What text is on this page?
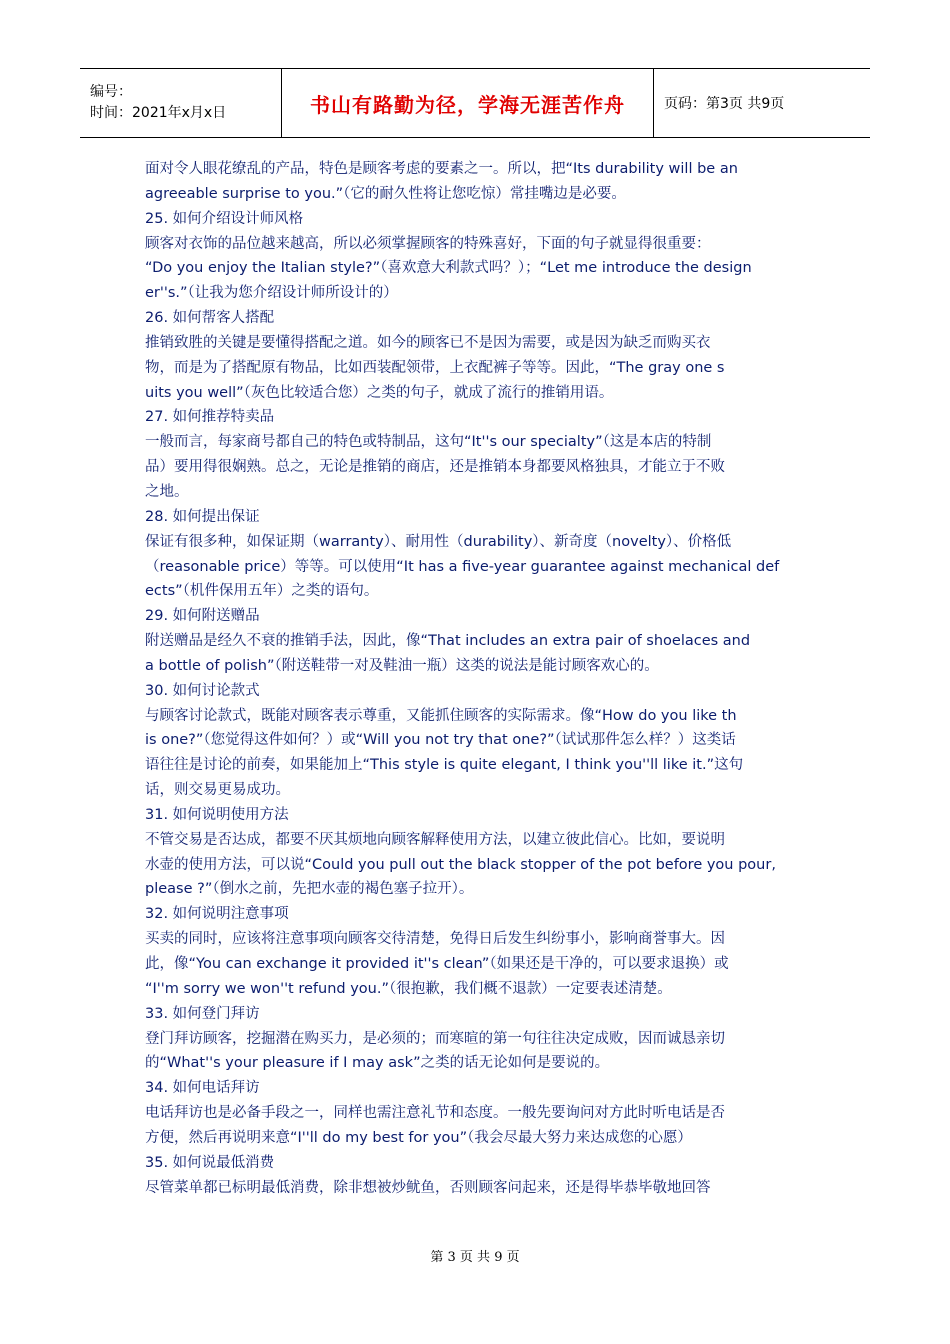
编号：
时间：2021年x月x日	书山有路勤为径，学海无涯苦作舟	页码：第3页 共9页
面对令人眼花缭乱的产品，特色是顾客考虑的要素之一。所以，把“Its durability will be an
agreeable surprise to you.”（它的耐久性将让您吃惊）常挂嘴边是必要。
25. 如何介绍设计师风格
顾客对衣饰的品位越来越高，所以必须掌握顾客的特殊喜好，下面的句子就显得很重要：
“Do you enjoy the Italian style?”（喜欢意大利款式吗？）；“Let me introduce the design
er''s.”（让我为您介绍设计师所设计的）
26. 如何帮客人搭配
推销致胜的关键是要懂得搭配之道。如今的顾客已不是因为需要，或是因为缺乏而购买衣
物，而是为了搭配原有物品，比如西装配领带，上衣配裤子等等。因此，“The gray one s
uits you well”（灰色比较适合您）之类的句子，就成了流行的推销用语。
27. 如何推荐特卖品
一般而言，每家商号都自己的特色或特制品，这句“It''s our specialty”（这是本店的特制
品）要用得很娴熟。总之，无论是推销的商店，还是推销本身都要风格独具，才能立于不败
之地。
28. 如何提出保证
保证有很多种，如保证期（warranty）、耐用性（durability）、新奇度（novelty）、价格低
（reasonable price）等等。可以使用“It has a five-year guarantee against mechanical def
ects”（机件保用五年）之类的语句。
29. 如何附送赠品
附送赠品是经久不衰的推销手法，因此，像“That includes an extra pair of shoelaces and
a bottle of polish”（附送鞋带一对及鞋油一瓶）这类的说法是能讨顾客欢心的。
30. 如何讨论款式
与顾客讨论款式，既能对顾客表示尊重，又能抓住顾客的实际需求。像“How do you like th
is one?”（您觉得这件如何？）或“Will you not try that one?”（试试那件怎么样？）这类话
语往往是讨论的前奏，如果能加上“This style is quite elegant, I think you''ll like it.”这句
话，则交易更易成功。
31. 如何说明使用方法
不管交易是否达成，都要不厌其烦地向顾客解释使用方法，以建立彼此信心。比如，要说明
水壶的使用方法，可以说“Could you pull out the black stopper of the pot before you pour,
please ?”（倒水之前，先把水壶的褐色塞子拉开）。
32. 如何说明注意事项
买卖的同时，应该将注意事项向顾客交待清楚，免得日后发生纠纷事小，影响商誉事大。因
此，像“You can exchange it provided it''s clean”（如果还是干净的，可以要求退换）或
“I''m sorry we won''t refund you.”（很抱歉，我们概不退款）一定要表述清楚。
33. 如何登门拜访
登门拜访顾客，挖掘潜在购买力，是必须的；而寒暄的第一句往往决定成败，因而诚恳亲切
的“What''s your pleasure if I may ask”之类的话无论如何是要说的。
34. 如何电话拜访
电话拜访也是必备手段之一，同样也需注意礼节和态度。一般先要询问对方此时听电话是否
方便，然后再说明来意“I''ll do my best for you”（我会尽最大努力来达成您的心愿）
35. 如何说最低消费
尽管菜单都已标明最低消费，除非想被炒鱿鱼，否则顾客问起来，还是得毕恭毕敬地回答
第 3 页 共 9 页
